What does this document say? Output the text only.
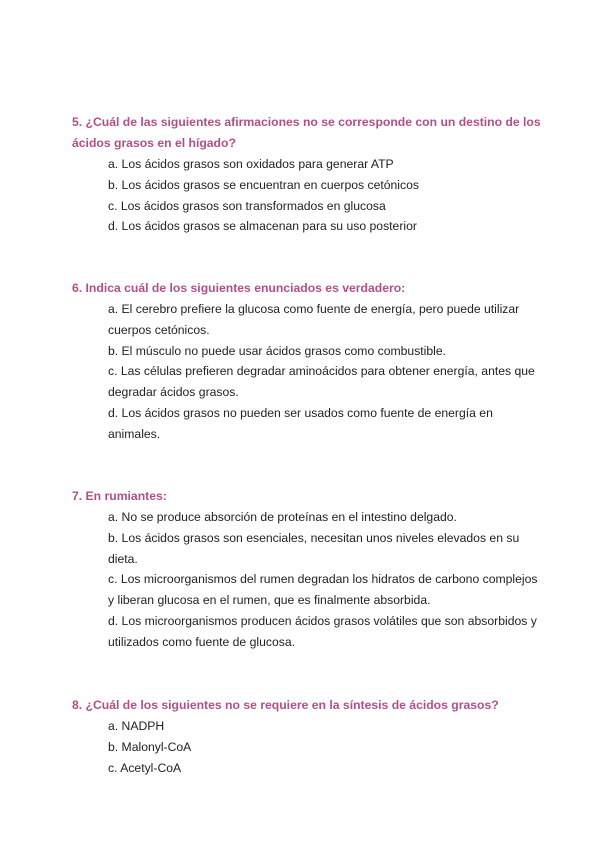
5. ¿Cuál de las siguientes afirmaciones no se corresponde con un destino de los ácidos grasos en el hígado?

a. Los ácidos grasos son oxidados para generar ATP
b. Los ácidos grasos se encuentran en cuerpos cetónicos
c. Los ácidos grasos son transformados en glucosa
d. Los ácidos grasos se almacenan para su uso posterior

6. Indica cuál de los siguientes enunciados es verdadero:

a. El cerebro prefiere la glucosa como fuente de energía, pero puede utilizar cuerpos cetónicos.
b. El músculo no puede usar ácidos grasos como combustible.
c. Las células prefieren degradar aminoácidos para obtener energía, antes que degradar ácidos grasos.
d. Los ácidos grasos no pueden ser usados como fuente de energía en animales.

7. En rumiantes:

a. No se produce absorción de proteínas en el intestino delgado.
b. Los ácidos grasos son esenciales, necesitan unos niveles elevados en su dieta.
c. Los microorganismos del rumen degradan los hidratos de carbono complejos y liberan glucosa en el rumen, que es finalmente absorbida.
d. Los microorganismos producen ácidos grasos volátiles que son absorbidos y utilizados como fuente de glucosa.

8. ¿Cuál de los siguientes no se requiere en la síntesis de ácidos grasos?

a. NADPH
b. Malonyl-CoA
c. Acetyl-CoA
